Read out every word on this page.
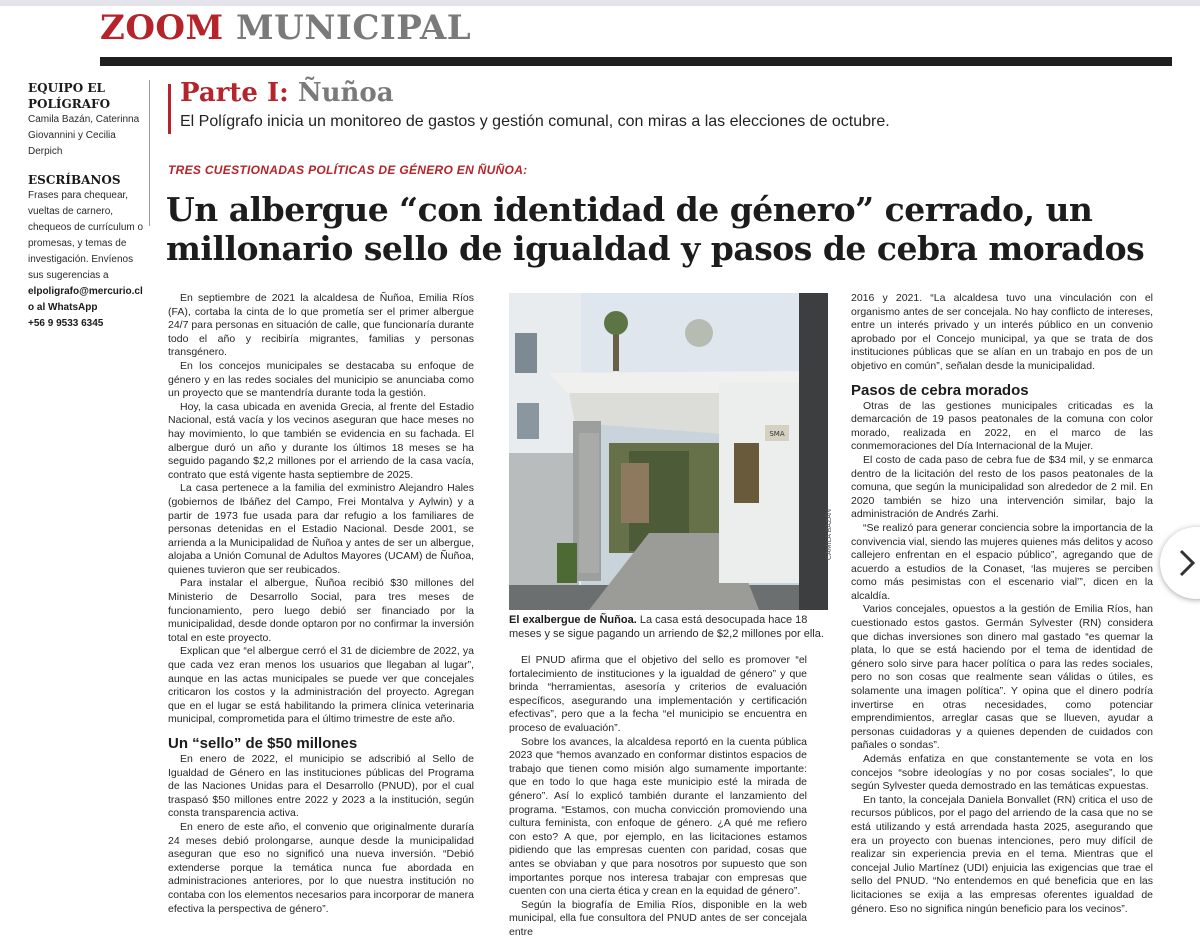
ZOOM MUNICIPAL
EQUIPO EL POLÍGRAFO
Camila Bazán, Caterinna Giovannini y Cecilia Derpich
ESCRÍBANOS
Frases para chequear, vueltas de carnero, chequeos de currículum o promesas, y temas de investigación. Envíenos sus sugerencias a
elpoligrafo@mercurio.cl
o al WhatsApp
+56 9 9533 6345
Parte I: Ñuñoa
El Polígrafo inicia un monitoreo de gastos y gestión comunal, con miras a las elecciones de octubre.
TRES CUESTIONADAS POLÍTICAS DE GÉNERO EN ÑUÑOA:
Un albergue “con identidad de género” cerrado, un millonario sello de igualdad y pasos de cebra morados

En septiembre de 2021 la alcaldesa de Ñuñoa, Emilia Ríos (FA), cortaba la cinta de lo que prometía ser el primer albergue 24/7 para personas en situación de calle, que funcionaría durante todo el año y recibiría migrantes, familias y personas transgénero.

En los concejos municipales se destacaba su enfoque de género y en las redes sociales del municipio se anunciaba como un proyecto que se mantendría durante toda la gestión.

Hoy, la casa ubicada en avenida Grecia, al frente del Estadio Nacional, está vacía y los vecinos aseguran que hace meses no hay movimiento, lo que también se evidencia en su fachada. El albergue duró un año y durante los últimos 18 meses se ha seguido pagando $2,2 millones por el arriendo de la casa vacía, contrato que está vigente hasta septiembre de 2025.

La casa pertenece a la familia del exministro Alejandro Hales (gobiernos de Ibáñez del Campo, Frei Montalva y Aylwin) y a partir de 1973 fue usada para dar refugio a los familiares de personas detenidas en el Estadio Nacional. Desde 2001, se arrienda a la Municipalidad de Ñuñoa y antes de ser un albergue, alojaba a Unión Comunal de Adultos Mayores (UCAM) de Ñuñoa, quienes tuvieron que ser reubicados.

Para instalar el albergue, Ñuñoa recibió $30 millones del Ministerio de Desarrollo Social, para tres meses de funcionamiento, pero luego debió ser financiado por la municipalidad, desde donde optaron por no confirmar la inversión total en este proyecto.

Explican que “el albergue cerró el 31 de diciembre de 2022, ya que cada vez eran menos los usuarios que llegaban al lugar”, aunque en las actas municipales se puede ver que concejales criticaron los costos y la administración del proyecto. Agregan que en el lugar se está habilitando la primera clínica veterinaria municipal, comprometida para el último trimestre de este año.

Un “sello” de $50 millones

En enero de 2022, el municipio se adscribió al Sello de Igualdad de Género en las instituciones públicas del Programa de las Naciones Unidas para el Desarrollo (PNUD), por el cual traspasó $50 millones entre 2022 y 2023 a la institución, según consta transparencia activa.

En enero de este año, el convenio que originalmente duraría 24 meses debió prolongarse, aunque desde la municipalidad aseguran que eso no significó una nueva inversión. “Debió extenderse porque la temática nunca fue abordada en administraciones anteriores, por lo que nuestra institución no contaba con los elementos necesarios para incorporar de manera efectiva la perspectiva de género”.

SMA
CAMILA BAZÁN
El exalbergue de Ñuñoa. La casa está desocupada hace 18 meses y se sigue pagando un arriendo de $2,2 millones por ella.

El PNUD afirma que el objetivo del sello es promover “el fortalecimiento de instituciones y la igualdad de género” y que brinda “herramientas, asesoría y criterios de evaluación específicos, asegurando una implementación y certificación efectivas”, pero que a la fecha “el municipio se encuentra en proceso de evaluación”.

Sobre los avances, la alcaldesa reportó en la cuenta pública 2023 que “hemos avanzado en conformar distintos espacios de trabajo que tienen como misión algo sumamente importante: que en todo lo que haga este municipio esté la mirada de género”. Así lo explicó también durante el lanzamiento del programa. “Estamos, con mucha convicción promoviendo una cultura feminista, con enfoque de género. ¿A qué me refiero con esto? A que, por ejemplo, en las licitaciones estamos pidiendo que las empresas cuenten con paridad, cosas que antes se obviaban y que para nosotros por supuesto que son importantes porque nos interesa trabajar con empresas que cuenten con una cierta ética y crean en la equidad de género”.

Según la biografía de Emilia Ríos, disponible en la web municipal, ella fue consultora del PNUD antes de ser concejala entre

2016 y 2021. “La alcaldesa tuvo una vinculación con el organismo antes de ser concejala. No hay conflicto de intereses, entre un interés privado y un interés público en un convenio aprobado por el Concejo municipal, ya que se trata de dos instituciones públicas que se alían en un trabajo en pos de un objetivo en común”, señalan desde la municipalidad.

Pasos de cebra morados

Otras de las gestiones municipales criticadas es la demarcación de 19 pasos peatonales de la comuna con color morado, realizada en 2022, en el marco de las conmemoraciones del Día Internacional de la Mujer.

El costo de cada paso de cebra fue de $34 mil, y se enmarca dentro de la licitación del resto de los pasos peatonales de la comuna, que según la municipalidad son alrededor de 2 mil. En 2020 también se hizo una intervención similar, bajo la administración de Andrés Zarhi.

“Se realizó para generar conciencia sobre la importancia de la convivencia vial, siendo las mujeres quienes más delitos y acoso callejero enfrentan en el espacio público”, agregando que de acuerdo a estudios de la Conaset, ‘las mujeres se perciben como más pesimistas con el escenario vial’”, dicen en la alcaldía.

Varios concejales, opuestos a la gestión de Emilia Ríos, han cuestionado estos gastos. Germán Sylvester (RN) considera que dichas inversiones son dinero mal gastado “es quemar la plata, lo que se está haciendo por el tema de identidad de género solo sirve para hacer política o para las redes sociales, pero no son cosas que realmente sean válidas o útiles, es solamente una imagen política”. Y opina que el dinero podría invertirse en otras necesidades, como potenciar emprendimientos, arreglar casas que se llueven, ayudar a personas cuidadoras y a quienes dependen de cuidados con pañales o sondas”.

Además enfatiza en que constantemente se vota en los concejos “sobre ideologías y no por cosas sociales”, lo que según Sylvester queda demostrado en las temáticas expuestas.

En tanto, la concejala Daniela Bonvallet (RN) critica el uso de recursos públicos, por el pago del arriendo de la casa que no se está utilizando y está arrendada hasta 2025, asegurando que era un proyecto con buenas intenciones, pero muy difícil de realizar sin experiencia previa en el tema. Mientras que el concejal Julio Martínez (UDI) enjuicia las exigencias que trae el sello del PNUD. “No entendemos en qué beneficia que en las licitaciones se exija a las empresas oferentes igualdad de género. Eso no significa ningún beneficio para los vecinos”.
